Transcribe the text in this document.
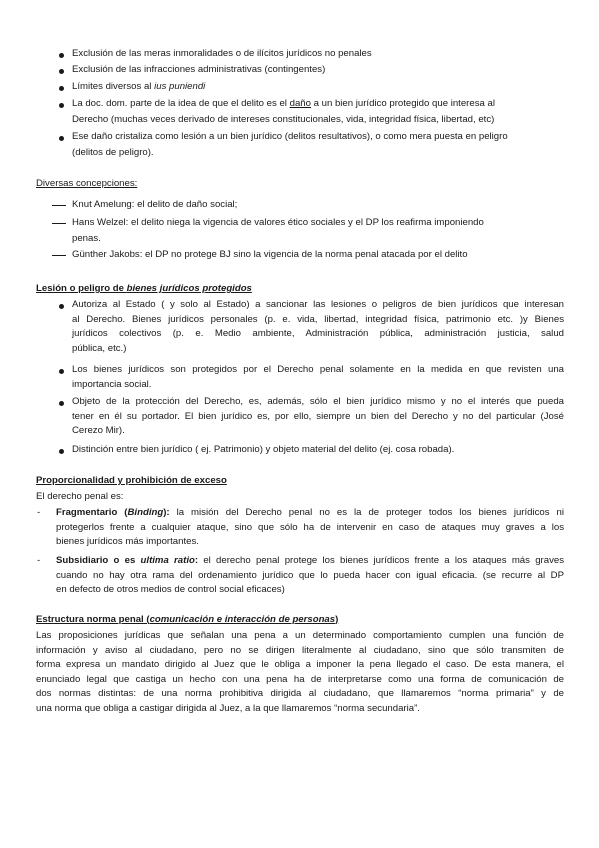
Exclusión de las meras inmoralidades o de ilícitos jurídicos no penales

Exclusión de las infracciones administrativas (contingentes)

Límites diversos al ius puniendi

La doc. dom. parte de la idea de que el delito es el daño a un bien jurídico protegido que interesa al

Derecho (muchas veces derivado de intereses constitucionales, vida, integridad física, libertad, etc)

Ese daño cristaliza como lesión a un bien jurídico (delitos resultativos), o como mera puesta en peligro

(delitos de peligro).

Diversas concepciones:

Knut Amelung: el delito de daño social;

Hans Welzel: el delito niega la vigencia de valores ético sociales y el DP los reafirma imponiendo

penas.

Günther Jakobs: el DP no protege BJ sino la vigencia de la norma penal atacada por el delito

Lesión o peligro de bienes jurídicos protegidos

Autoriza al Estado ( y solo al Estado) a sancionar las lesiones o peligros de bien jurídicos que interesan
al Derecho. Bienes jurídicos personales (p. e. vida, libertad, integridad física, patrimonio etc. )y Bienes
jurídicos colectivos (p. e. Medio ambiente, Administración pública, administración justicia, salud
pública, etc.)

Los bienes jurídicos son protegidos por el Derecho penal solamente en la medida en que revisten una
importancia social.

Objeto de la protección del Derecho, es, además, sólo el bien jurídico mismo y no el interés que pueda
tener en él su portador. El bien jurídico es, por ello, siempre un bien del Derecho y no del particular (José
Cerezo Mir).

Distinción entre bien jurídico ( ej. Patrimonio) y objeto material del delito (ej. cosa robada).

Proporcionalidad y prohibición de exceso

El derecho penal es:

- Fragmentario (Binding): la misión del Derecho penal no es la de proteger todos los bienes jurídicos ni
protegerlos frente a cualquier ataque, sino que sólo ha de intervenir en caso de ataques muy graves a los
bienes jurídicos más importantes.

- Subsidiario o es ultima ratio: el derecho penal protege los bienes jurídicos frente a los ataques más graves
cuando no hay otra rama del ordenamiento jurídico que lo pueda hacer con igual eficacia. (se recurre al DP
en defecto de otros medios de control social eficaces)

Estructura norma penal (comunicación e interacción de personas)

Las proposiciones jurídicas que señalan una pena a un determinado comportamiento cumplen una función de
información y aviso al ciudadano, pero no se dirigen literalmente al ciudadano, sino que sólo transmiten de
forma expresa un mandato dirigido al Juez que le obliga a imponer la pena llegado el caso. De esta manera, el
enunciado legal que castiga un hecho con una pena ha de interpretarse como una forma de comunicación de
dos normas distintas: de una norma prohibitiva dirigida al ciudadano, que llamaremos “norma primaria” y de
una norma que obliga a castigar dirigida al Juez, a la que llamaremos “norma secundaria”.
